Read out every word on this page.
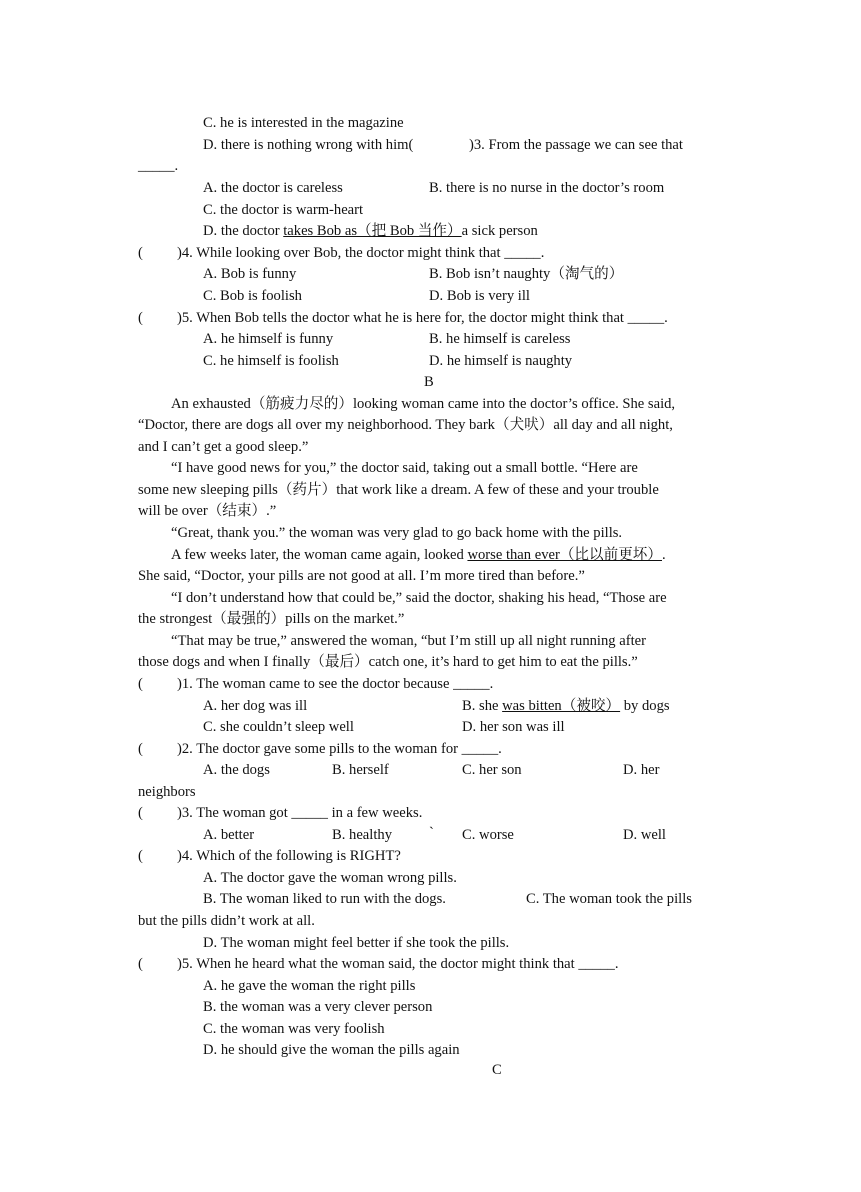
C. he is interested in the magazine
D. there is nothing wrong with him(	)3. From the passage we can see that
_____.
A. the doctor is careless	B. there is no nurse in the doctor’s room
C. the doctor is warm-heart
D. the doctor takes Bob as（把 Bob 当作）a sick person
( )4. While looking over Bob, the doctor might think that _____.
A. Bob is funny	B. Bob isn’t naughty（淘气的）
C. Bob is foolish	D. Bob is very ill
( )5. When Bob tells the doctor what he is here for, the doctor might think that _____.
A. he himself is funny	B. he himself is careless
C. he himself is foolish	D. he himself is naughty
B
An exhausted（筋疲力尽的）looking woman came into the doctor’s office. She said,
“Doctor, there are dogs all over my neighborhood. They bark（犬吠）all day and all night,
and I can’t get a good sleep.”
“I have good news for you,” the doctor said, taking out a small bottle. “Here are
some new sleeping pills（药片）that work like a dream. A few of these and your trouble
will be over（结束）.”
“Great, thank you.” the woman was very glad to go back home with the pills.
A few weeks later, the woman came again, looked worse than ever（比以前更坏）.
She said, “Doctor, your pills are not good at all. I’m more tired than before.”
“I don’t understand how that could be,” said the doctor, shaking his head, “Those are
the strongest（最强的）pills on the market.”
“That may be true,” answered the woman, “but I’m still up all night running after
those dogs and when I finally（最后）catch one, it’s hard to get him to eat the pills.”
( )1. The woman came to see the doctor because _____.
A. her dog was ill	B. she was bitten（被咬） by dogs
C. she couldn’t sleep well	D. her son was ill
( )2. The doctor gave some pills to the woman for _____.
A. the dogs	B. herself	C. her son	D. her
neighbors
( )3. The woman got _____ in a few weeks.
A. better	B. healthy	` C. worse	D. well
( )4. Which of the following is RIGHT?
A. The doctor gave the woman wrong pills.
B. The woman liked to run with the dogs.	C. The woman took the pills
but the pills didn’t work at all.
D. The woman might feel better if she took the pills.
( )5. When he heard what the woman said, the doctor might think that _____.
A. he gave the woman the right pills
B. the woman was a very clever person
C. the woman was very foolish
D. he should give the woman the pills again
C
